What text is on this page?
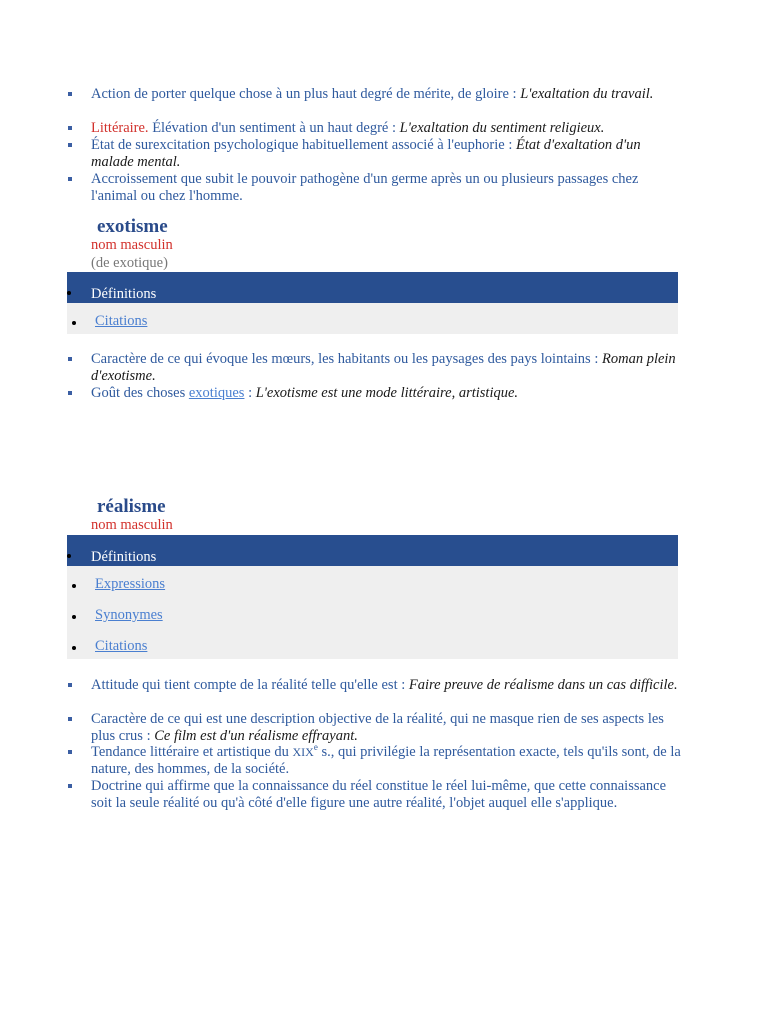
Action de porter quelque chose à un plus haut degré de mérite, de gloire : L'exaltation du travail.
Littéraire. Élévation d'un sentiment à un haut degré : L'exaltation du sentiment religieux.
État de surexcitation psychologique habituellement associé à l'euphorie : État d'exaltation d'un malade mental.
Accroissement que subit le pouvoir pathogène d'un germe après un ou plusieurs passages chez l'animal ou chez l'homme.
exotisme
nom masculin
(de exotique)
Définitions
Citations
Caractère de ce qui évoque les mœurs, les habitants ou les paysages des pays lointains : Roman plein d'exotisme.
Goût des choses exotiques : L'exotisme est une mode littéraire, artistique.
réalisme
nom masculin
Définitions
Expressions
Synonymes
Citations
Attitude qui tient compte de la réalité telle qu'elle est : Faire preuve de réalisme dans un cas difficile.
Caractère de ce qui est une description objective de la réalité, qui ne masque rien de ses aspects les plus crus : Ce film est d'un réalisme effrayant.
Tendance littéraire et artistique du XIXe s., qui privilégie la représentation exacte, tels qu'ils sont, de la nature, des hommes, de la société.
Doctrine qui affirme que la connaissance du réel constitue le réel lui-même, que cette connaissance soit la seule réalité ou qu'à côté d'elle figure une autre réalité, l'objet auquel elle s'applique.
